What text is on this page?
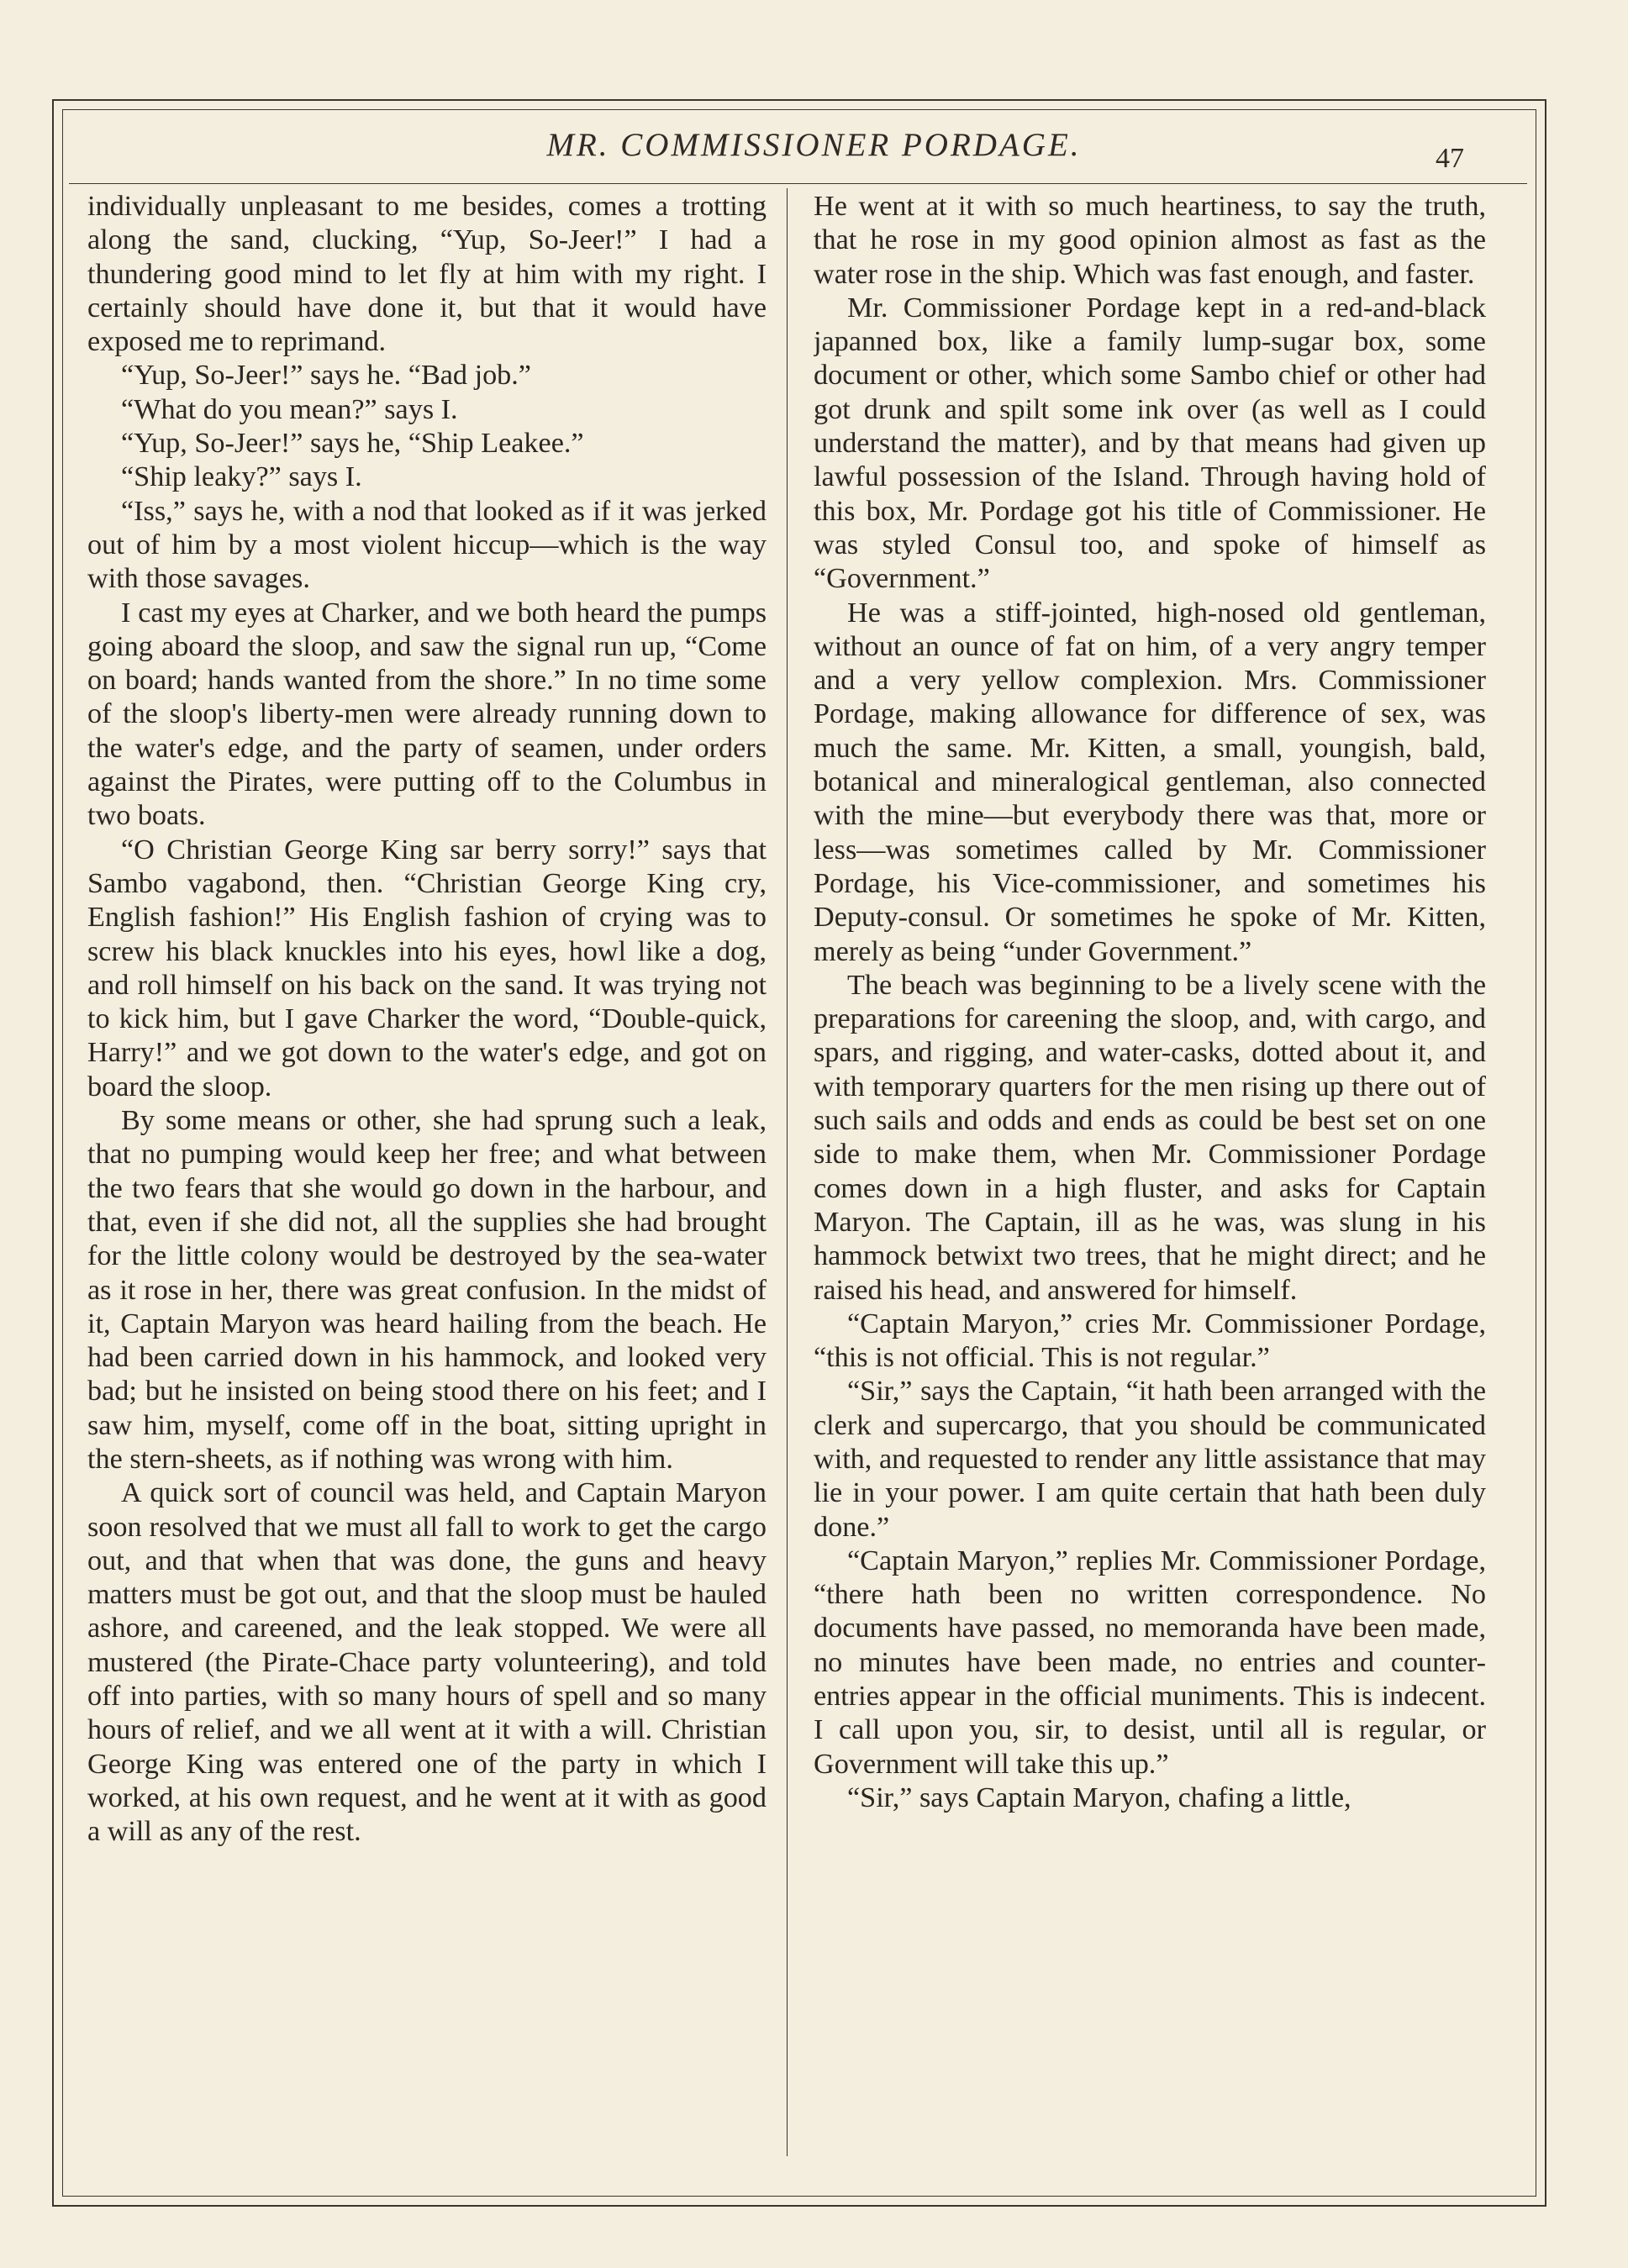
MR. COMMISSIONER PORDAGE.	47

individually unpleasant to me besides, comes a trotting along the sand, clucking, “Yup, So-Jeer!” I had a thundering good mind to let fly at him with my right. I certainly should have done it, but that it would have exposed me to reprimand.

“Yup, So-Jeer!” says he. “Bad job.”

“What do you mean?” says I.

“Yup, So-Jeer!” says he, “Ship Leakee.”

“Ship leaky?” says I.

“Iss,” says he, with a nod that looked as if it was jerked out of him by a most violent hiccup—which is the way with those savages.

I cast my eyes at Charker, and we both heard the pumps going aboard the sloop, and saw the signal run up, “Come on board; hands wanted from the shore.” In no time some of the sloop's liberty-men were already running down to the water's edge, and the party of seamen, under orders against the Pirates, were putting off to the Columbus in two boats.

“O Christian George King sar berry sorry!” says that Sambo vagabond, then. “Christian George King cry, English fashion!” His English fashion of crying was to screw his black knuckles into his eyes, howl like a dog, and roll himself on his back on the sand. It was trying not to kick him, but I gave Charker the word, “Double-quick, Harry!” and we got down to the water's edge, and got on board the sloop.

By some means or other, she had sprung such a leak, that no pumping would keep her free; and what between the two fears that she would go down in the harbour, and that, even if she did not, all the supplies she had brought for the little colony would be destroyed by the sea-water as it rose in her, there was great confusion. In the midst of it, Captain Maryon was heard hailing from the beach. He had been carried down in his hammock, and looked very bad; but he insisted on being stood there on his feet; and I saw him, myself, come off in the boat, sitting upright in the stern-sheets, as if nothing was wrong with him.

A quick sort of council was held, and Captain Maryon soon resolved that we must all fall to work to get the cargo out, and that when that was done, the guns and heavy matters must be got out, and that the sloop must be hauled ashore, and careened, and the leak stopped. We were all mustered (the Pirate-Chace party volunteering), and told off into parties, with so many hours of spell and so many hours of relief, and we all went at it with a will. Christian George King was entered one of the party in which I worked, at his own request, and he went at it with as good a will as any of the rest.

He went at it with so much heartiness, to say the truth, that he rose in my good opinion almost as fast as the water rose in the ship. Which was fast enough, and faster.

Mr. Commissioner Pordage kept in a red-and-black japanned box, like a family lump-sugar box, some document or other, which some Sambo chief or other had got drunk and spilt some ink over (as well as I could understand the matter), and by that means had given up lawful possession of the Island. Through having hold of this box, Mr. Pordage got his title of Commissioner. He was styled Consul too, and spoke of himself as “Government.”

He was a stiff-jointed, high-nosed old gentleman, without an ounce of fat on him, of a very angry temper and a very yellow complexion. Mrs. Commissioner Pordage, making allowance for difference of sex, was much the same. Mr. Kitten, a small, youngish, bald, botanical and mineralogical gentleman, also connected with the mine—but everybody there was that, more or less—was sometimes called by Mr. Commissioner Pordage, his Vice-commissioner, and sometimes his Deputy-consul. Or sometimes he spoke of Mr. Kitten, merely as being “under Government.”

The beach was beginning to be a lively scene with the preparations for careening the sloop, and, with cargo, and spars, and rigging, and water-casks, dotted about it, and with temporary quarters for the men rising up there out of such sails and odds and ends as could be best set on one side to make them, when Mr. Commissioner Pordage comes down in a high fluster, and asks for Captain Maryon. The Captain, ill as he was, was slung in his hammock betwixt two trees, that he might direct; and he raised his head, and answered for himself.

“Captain Maryon,” cries Mr. Commissioner Pordage, “this is not official. This is not regular.”

“Sir,” says the Captain, “it hath been arranged with the clerk and supercargo, that you should be communicated with, and requested to render any little assistance that may lie in your power. I am quite certain that hath been duly done.”

“Captain Maryon,” replies Mr. Commissioner Pordage, “there hath been no written correspondence. No documents have passed, no memoranda have been made, no minutes have been made, no entries and counter-entries appear in the official muniments. This is indecent. I call upon you, sir, to desist, until all is regular, or Government will take this up.”

“Sir,” says Captain Maryon, chafing a little,
